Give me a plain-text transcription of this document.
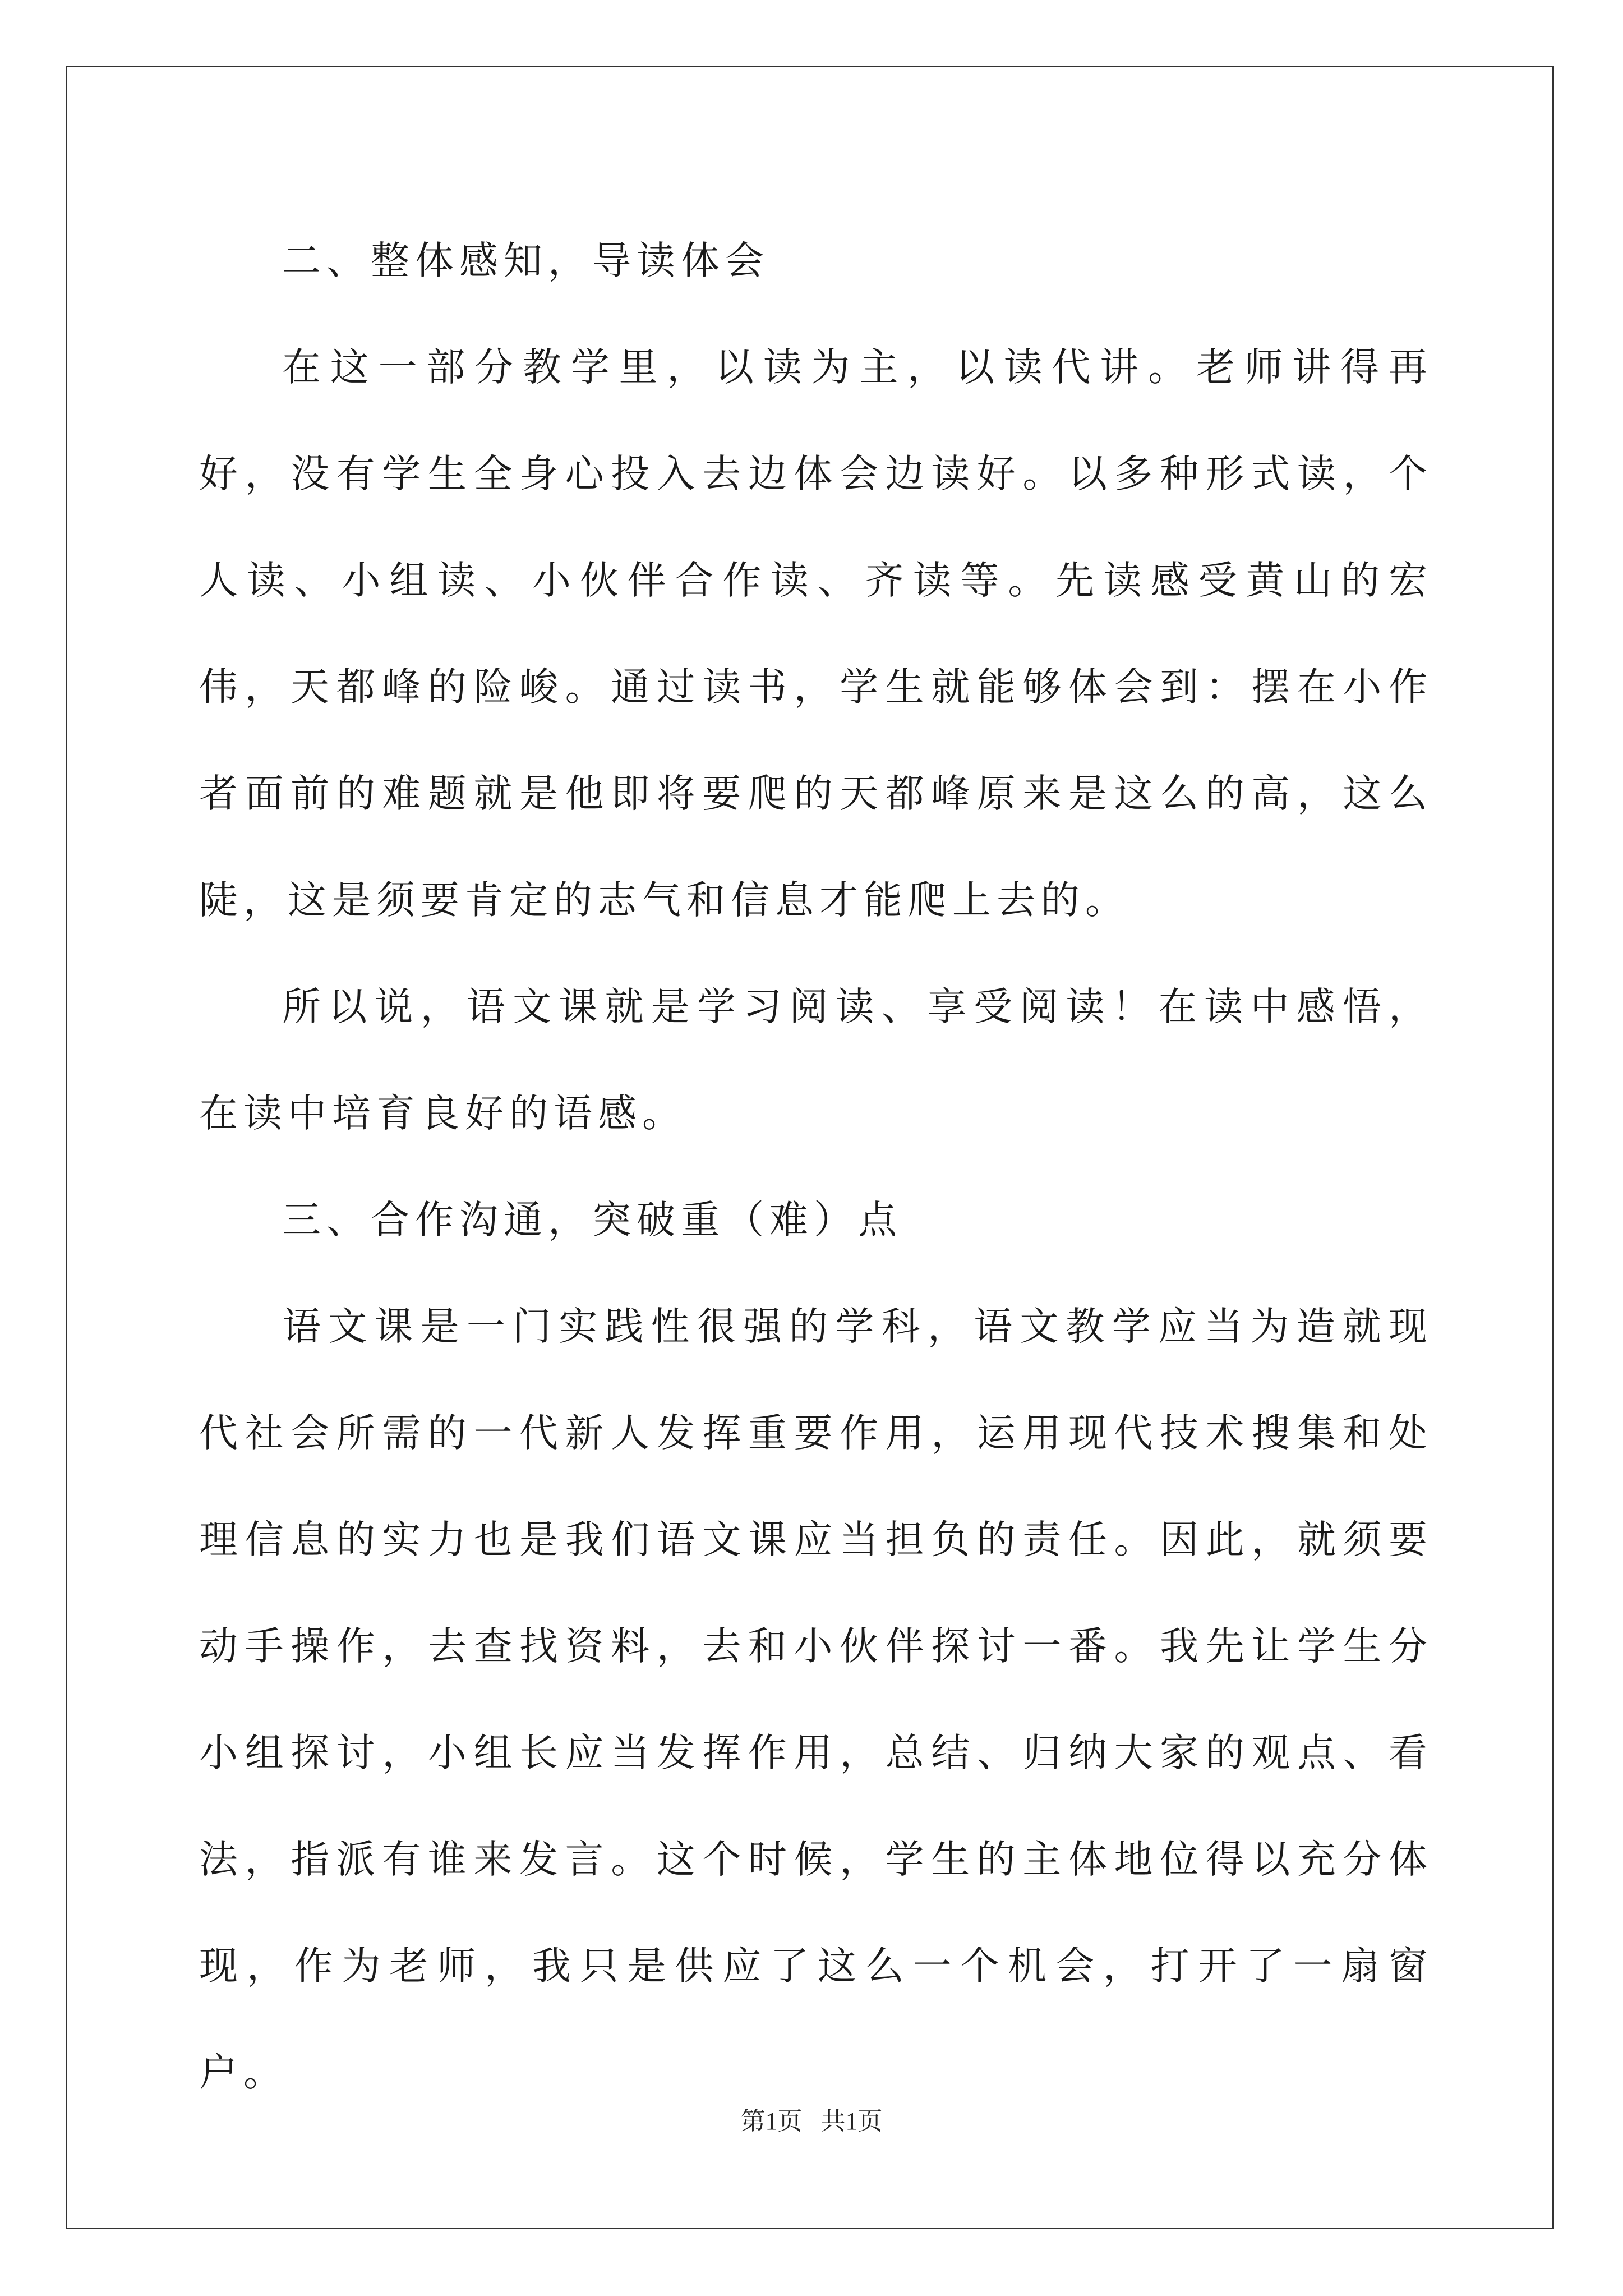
二、整体感知，导读体会

在这一部分教学里，以读为主，以读代讲。老师讲得再好，没有学生全身心投入去边体会边读好。以多种形式读，个人读、小组读、小伙伴合作读、齐读等。先读感受黄山的宏伟，天都峰的险峻。通过读书，学生就能够体会到：摆在小作者面前的难题就是他即将要爬的天都峰原来是这么的高，这么陡，这是须要肯定的志气和信息才能爬上去的。

所以说，语文课就是学习阅读、享受阅读！在读中感悟，在读中培育良好的语感。

三、合作沟通，突破重（难）点

语文课是一门实践性很强的学科，语文教学应当为造就现代社会所需的一代新人发挥重要作用，运用现代技术搜集和处理信息的实力也是我们语文课应当担负的责任。因此，就须要动手操作，去查找资料，去和小伙伴探讨一番。我先让学生分小组探讨，小组长应当发挥作用，总结、归纳大家的观点、看法，指派有谁来发言。这个时候，学生的主体地位得以充分体现，作为老师，我只是供应了这么一个机会，打开了一扇窗户。

第1页   共1页
